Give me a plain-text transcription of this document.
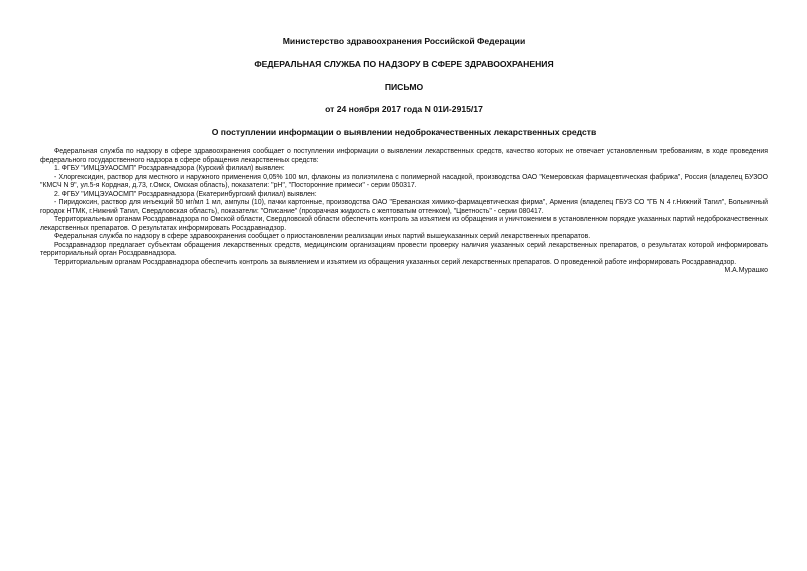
Министерство здравоохранения Российской Федерации
ФЕДЕРАЛЬНАЯ СЛУЖБА ПО НАДЗОРУ В СФЕРЕ ЗДРАВООХРАНЕНИЯ
ПИСЬМО
от 24 ноября 2017 года N 01И-2915/17
О поступлении информации о выявлении недоброкачественных лекарственных средств

Федеральная служба по надзору в сфере здравоохранения сообщает о поступлении информации о выявлении лекарственных средств, качество которых не отвечает установленным требованиям, в ходе проведения федерального государственного надзора в сфере обращения лекарственных средств:

1. ФГБУ "ИМЦЭУАОСМП" Росздравнадзора (Курский филиал) выявлен:

- Хлоргексидин, раствор для местного и наружного применения 0,05% 100 мл, флаконы из полиэтилена с полимерной насадкой, производства ОАО "Кемеровская фармацевтическая фабрика", Россия (владелец БУЗОО "КМСЧ N 9", ул.5-я Кордная, д.73, г.Омск, Омская область), показатели: "pH", "Посторонние примеси" - серии 050317.

2. ФГБУ "ИМЦЭУАОСМП" Росздравнадзора (Екатеринбургский филиал) выявлен:

- Пиридоксин, раствор для инъекций 50 мг/мл 1 мл, ампулы (10), пачки картонные, производства ОАО "Ереванская химико-фармацевтическая фирма", Армения (владелец ГБУЗ СО "ГБ N 4 г.Нижний Тагил", Больничный городок НТМК, г.Нижний Тагил, Свердловская область), показатели: "Описание" (прозрачная жидкость с желтоватым оттенком), "Цветность" - серии 080417.

Территориальным органам Росздравнадзора по Омской области, Свердловской области обеспечить контроль за изъятием из обращения и уничтожением в установленном порядке указанных партий недоброкачественных лекарственных препаратов. О результатах информировать Росздравнадзор.

Федеральная служба по надзору в сфере здравоохранения сообщает о приостановлении реализации иных партий вышеуказанных серий лекарственных препаратов.

Росздравнадзор предлагает субъектам обращения лекарственных средств, медицинским организациям провести проверку наличия указанных серий лекарственных препаратов, о результатах которой информировать территориальный орган Росздравнадзора.

Территориальным органам Росздравнадзора обеспечить контроль за выявлением и изъятием из обращения указанных серий лекарственных препаратов. О проведенной работе информировать Росздравнадзор.

М.А.Мурашко
